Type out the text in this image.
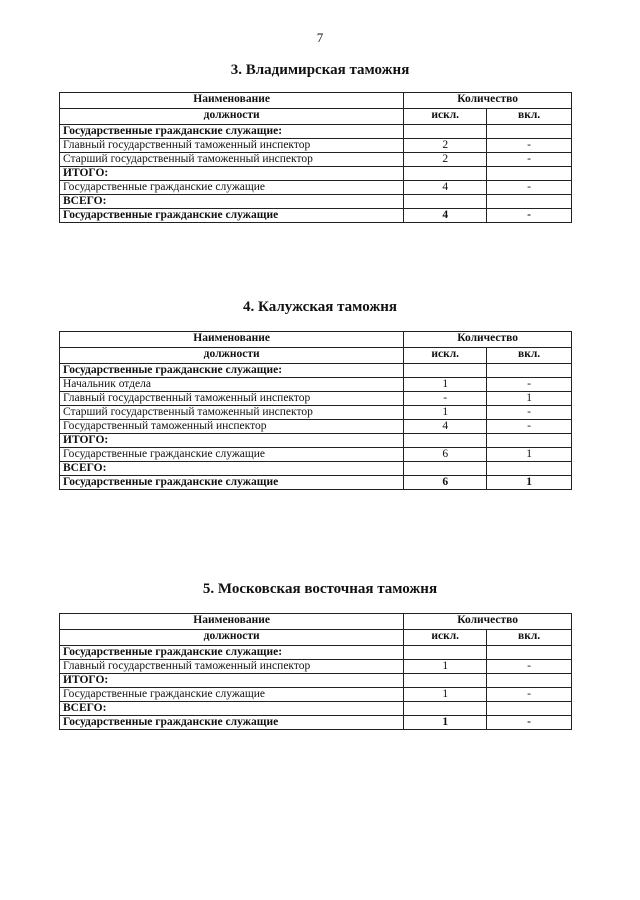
7
3. Владимирская таможня
Наименование	Количество	
должности	искл.	вкл.
Государственные гражданские служащие:		
Главный государственный таможенный инспектор	2	-
Старший государственный таможенный инспектор	2	-
ИТОГО:		
Государственные гражданские служащие	4	-
ВСЕГО:		
Государственные гражданские служащие	4	-
4. Калужская таможня
Наименование	Количество	
должности	искл.	вкл.
Государственные гражданские служащие:		
Начальник отдела	1	-
Главный государственный таможенный инспектор	-	1
Старший государственный таможенный инспектор	1	-
Государственный таможенный инспектор	4	-
ИТОГО:		
Государственные гражданские служащие	6	1
ВСЕГО:		
Государственные гражданские служащие	6	1
5. Московская восточная таможня
Наименование	Количество	
должности	искл.	вкл.
Государственные гражданские служащие:		
Главный государственный таможенный инспектор	1	-
ИТОГО:		
Государственные гражданские служащие	1	-
ВСЕГО:		
Государственные гражданские служащие	1	-
